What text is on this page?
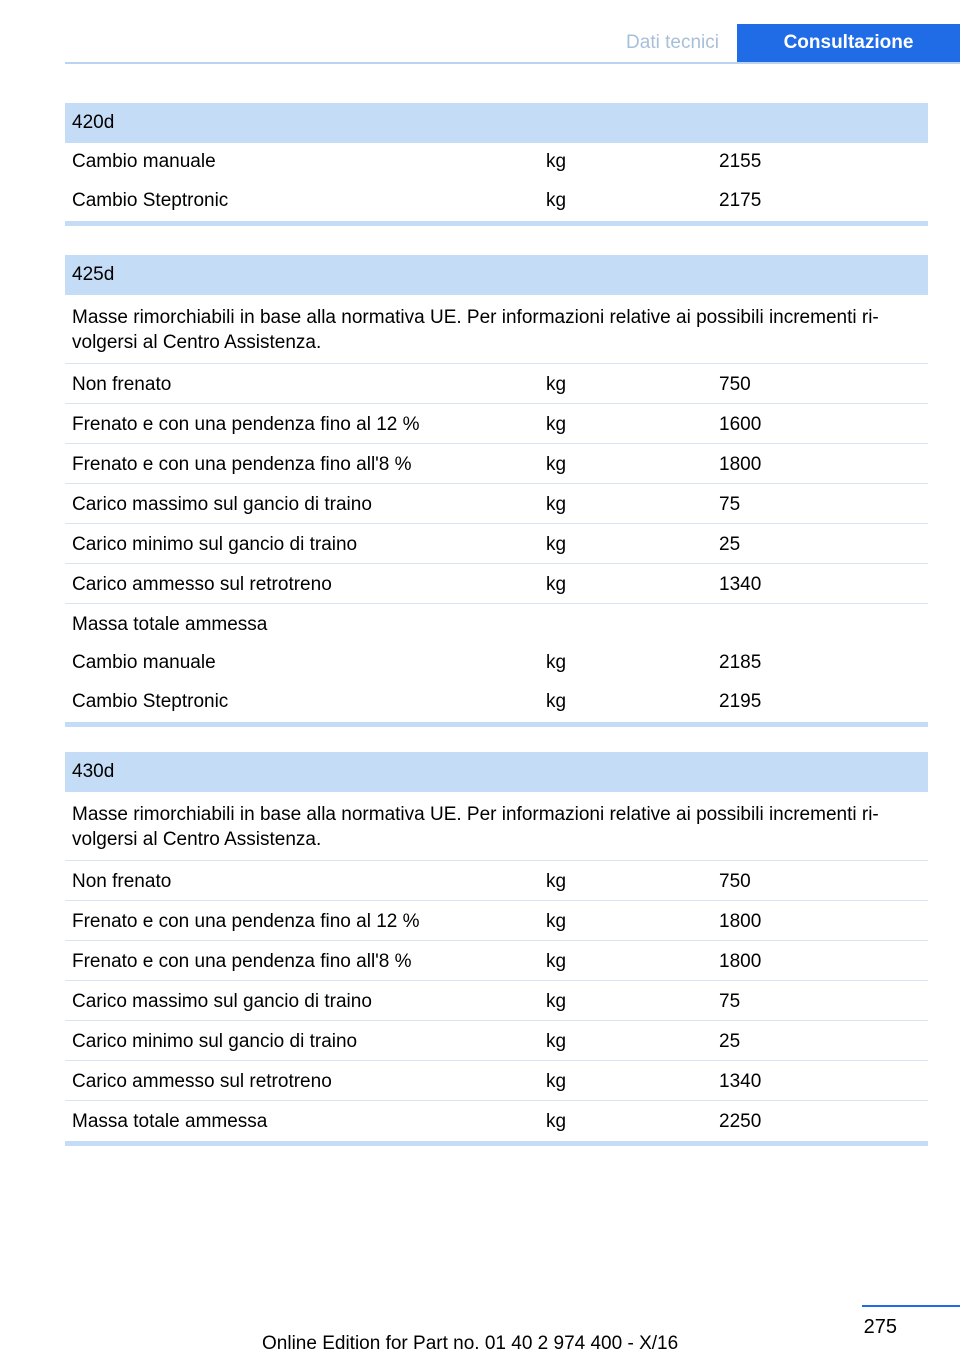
Dati tecnici	Consultazione
420d
Cambio manuale	kg	2155
Cambio Steptronic	kg	2175
425d
Masse rimorchiabili in base alla normativa UE. Per informazioni relative ai possibili incrementi ri-volgersi al Centro Assistenza.
Non frenato	kg	750
Frenato e con una pendenza fino al 12 %	kg	1600
Frenato e con una pendenza fino all'8 %	kg	1800
Carico massimo sul gancio di traino	kg	75
Carico minimo sul gancio di traino	kg	25
Carico ammesso sul retrotreno	kg	1340
Massa totale ammessa
Cambio manuale	kg	2185
Cambio Steptronic	kg	2195
430d
Masse rimorchiabili in base alla normativa UE. Per informazioni relative ai possibili incrementi ri-volgersi al Centro Assistenza.
Non frenato	kg	750
Frenato e con una pendenza fino al 12 %	kg	1800
Frenato e con una pendenza fino all'8 %	kg	1800
Carico massimo sul gancio di traino	kg	75
Carico minimo sul gancio di traino	kg	25
Carico ammesso sul retrotreno	kg	1340
Massa totale ammessa	kg	2250
275
Online Edition for Part no. 01 40 2 974 400 - X/16
